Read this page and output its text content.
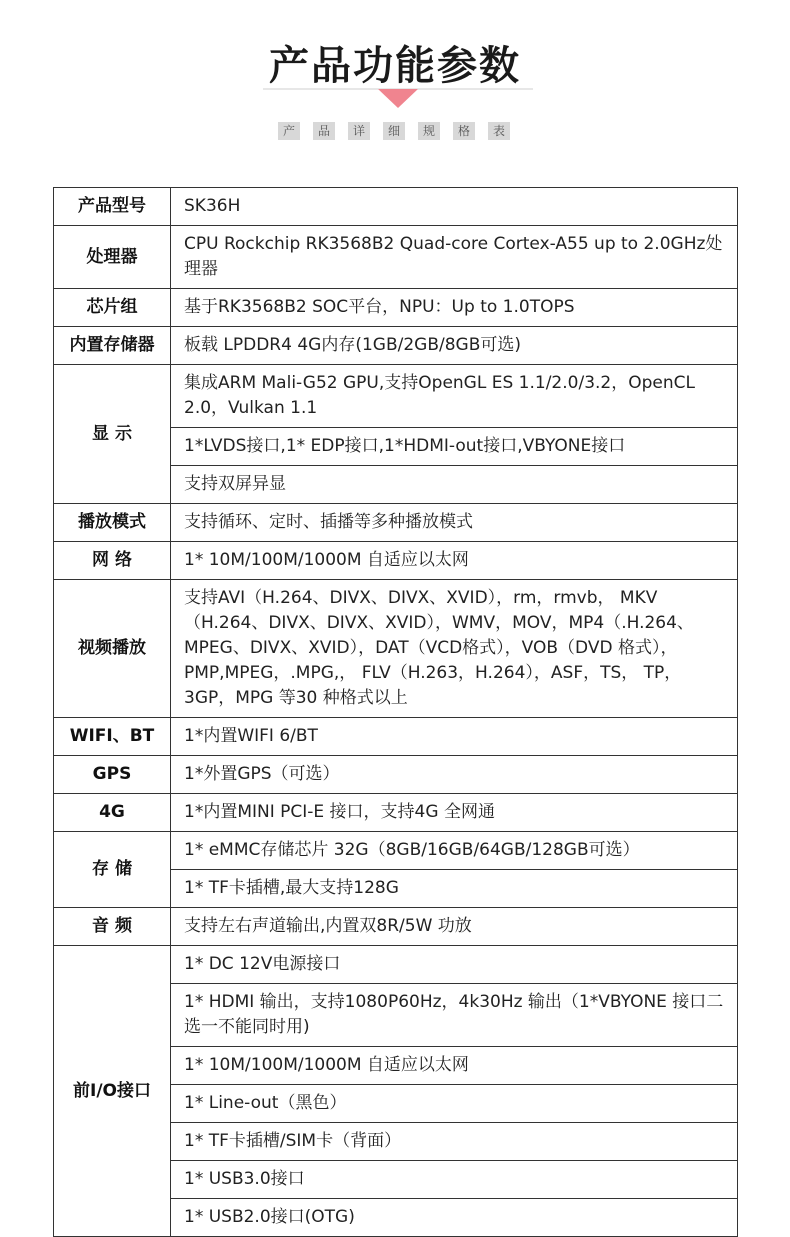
产品功能参数
产	品	详	细	规	格	表
产品型号	SK36H
处理器	CPU Rockchip RK3568B2 Quad-core Cortex-A55 up to 2.0GHz处理器
芯片组	基于RK3568B2 SOC平台，NPU：Up to 1.0TOPS
内置存储器	板载 LPDDR4 4G内存(1GB/2GB/8GB可选)
显 示	集成ARM Mali-G52 GPU,支持OpenGL ES 1.1/2.0/3.2，OpenCL 2.0，Vulkan 1.1
	1*LVDS接口,1* EDP接口,1*HDMI-out接口,VBYONE接口
	支持双屏异显
播放模式	支持循环、定时、插播等多种播放模式
网 络	1* 10M/100M/1000M 自适应以太网
视频播放	支持AVI（H.264、DIVX、DIVX、XVID），rm，rmvb， MKV（H.264、DIVX、DIVX、XVID），WMV，MOV，MP4（.H.264、MPEG、DIVX、XVID），DAT（VCD格式），VOB（DVD 格式），PMP,MPEG，.MPG,， FLV（H.263，H.264），ASF，TS， TP，3GP，MPG 等30 种格式以上
WIFI、BT	1*内置WIFI 6/BT
GPS	1*外置GPS（可选）
4G	1*内置MINI PCI-E 接口，支持4G 全网通
存 储	1* eMMC存储芯片 32G（8GB/16GB/64GB/128GB可选）
	1* TF卡插槽,最大支持128G
音 频	支持左右声道输出,内置双8R/5W 功放
前I/O接口	1* DC 12V电源接口
	1* HDMI 输出，支持1080P60Hz，4k30Hz 输出（1*VBYONE 接口二选一不能同时用)
	1* 10M/100M/1000M 自适应以太网
	1* Line-out（黑色）
	1* TF卡插槽/SIM卡（背面）
	1* USB3.0接口
	1* USB2.0接口(OTG)
